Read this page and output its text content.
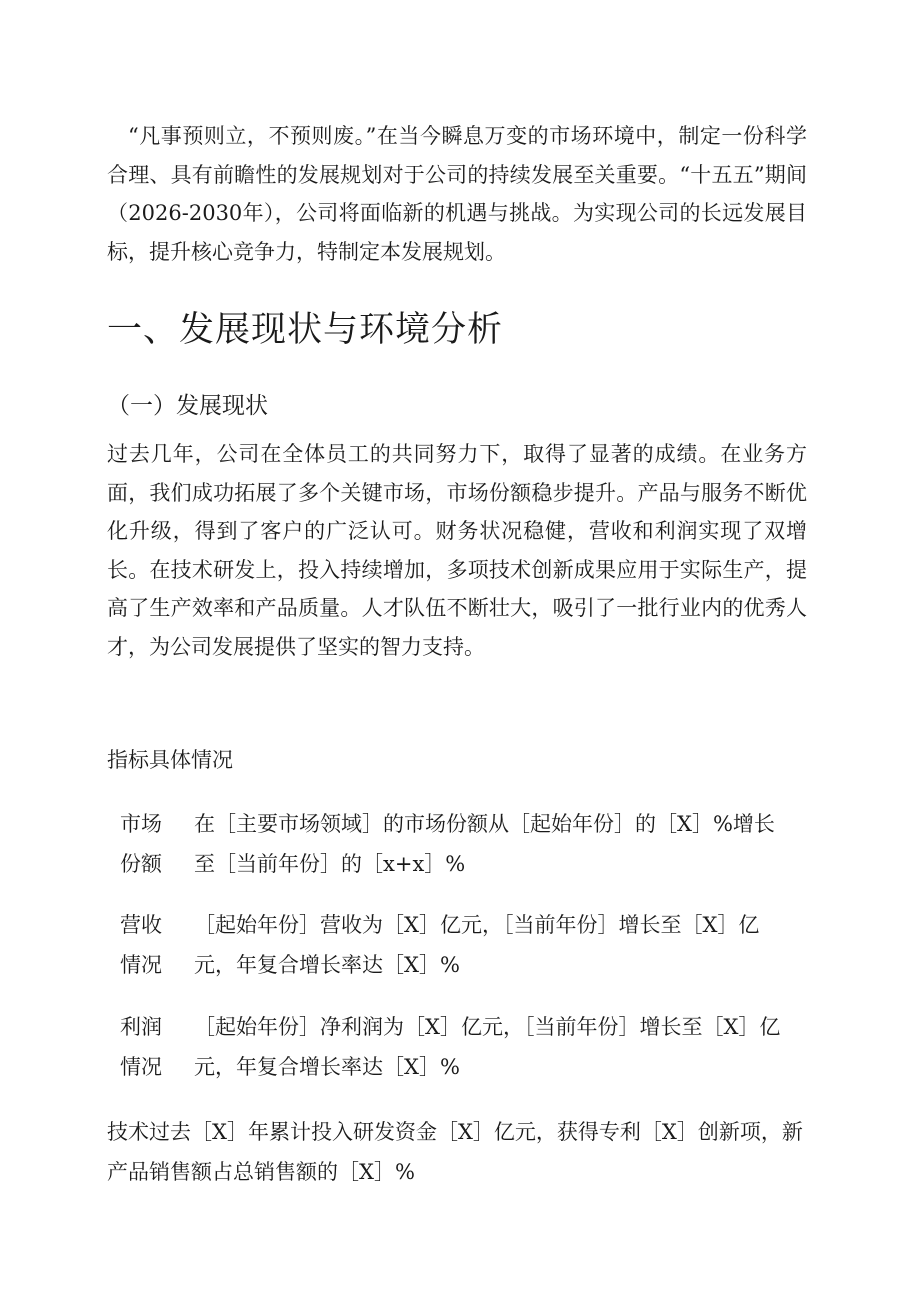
“凡事预则立，不预则废。”在当今瞬息万变的市场环境中，制定一份科学合理、具有前瞻性的发展规划对于公司的持续发展至关重要。“十五五”期间（2026-2030年），公司将面临新的机遇与挑战。为实现公司的长远发展目标，提升核心竞争力，特制定本发展规划。

一、发展现状与环境分析
（一）发展现状

过去几年，公司在全体员工的共同努力下，取得了显著的成绩。在业务方面，我们成功拓展了多个关键市场，市场份额稳步提升。产品与服务不断优化升级，得到了客户的广泛认可。财务状况稳健，营收和利润实现了双增长。在技术研发上，投入持续增加，多项技术创新成果应用于实际生产，提高了生产效率和产品质量。人才队伍不断壮大，吸引了一批行业内的优秀人才，为公司发展提供了坚实的智力支持。

指标具体情况

市场份额
在［主要市场领域］的市场份额从［起始年份］的［X］%增长至［当前年份］的［x+x］%
营收情况
［起始年份］营收为［X］亿元，［当前年份］增长至［X］亿元，年复合增长率达［X］%
利润情况
［起始年份］净利润为［X］亿元，［当前年份］增长至［X］亿元，年复合增长率达［X］%

技术过去［X］年累计投入研发资金［X］亿元，获得专利［X］创新项，新产品销售额占总销售额的［X］%
